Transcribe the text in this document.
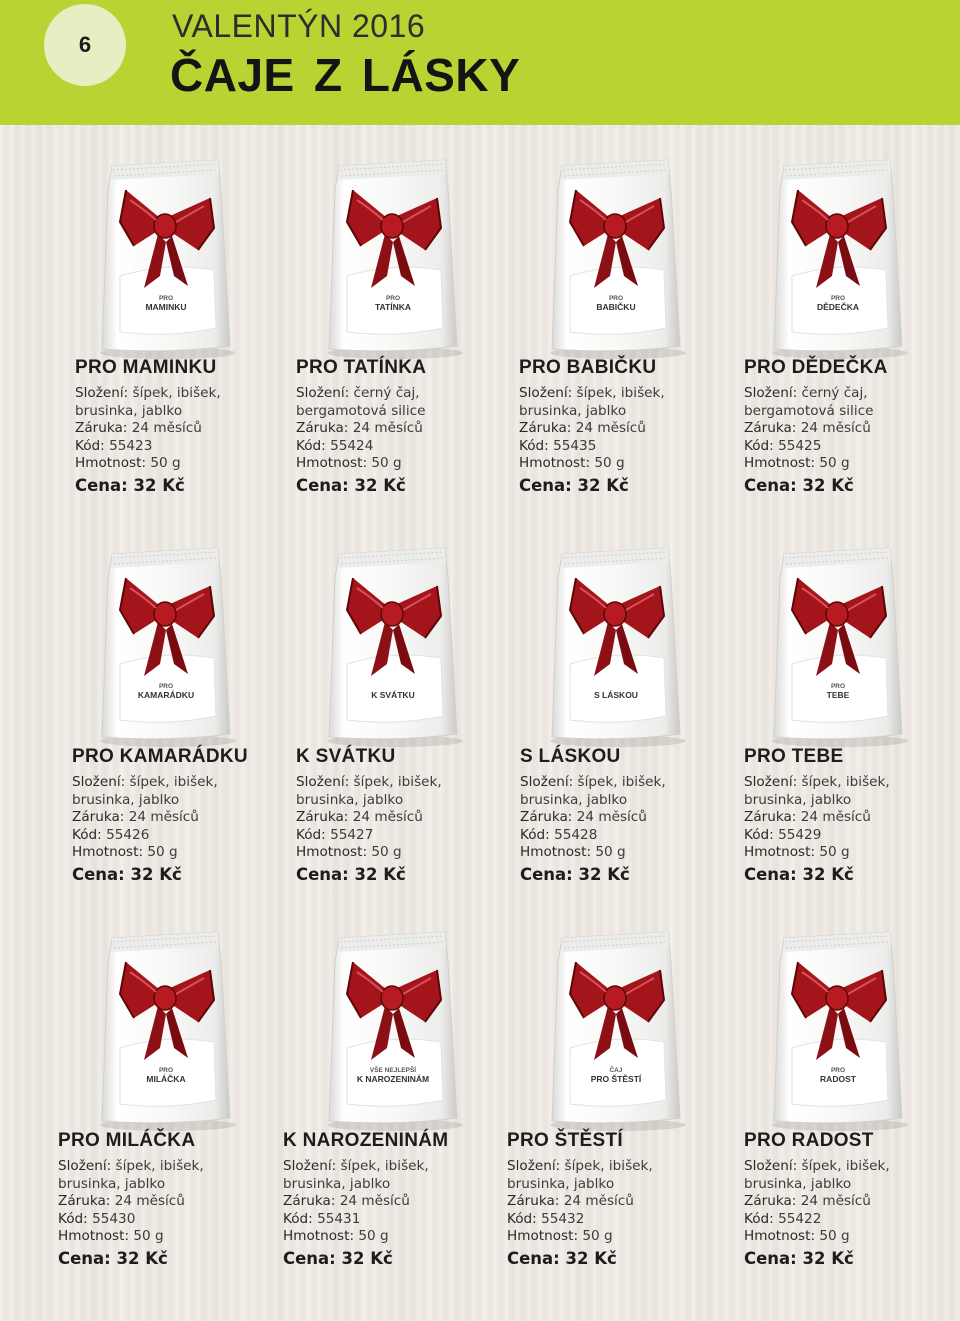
6
VALENTÝN 2016
ČAJE Z LÁSKY
PRO
MAMINKU
PRO MAMINKU
Složení: šípek, ibišek,
brusinka, jablko
Záruka: 24 měsíců
Kód: 55423
Hmotnost: 50 g
Cena: 32 Kč
PRO
TATÍNKA
PRO TATÍNKA
Složení: černý čaj,
bergamotová silice
Záruka: 24 měsíců
Kód: 55424
Hmotnost: 50 g
Cena: 32 Kč
PRO
BABIČKU
PRO BABIČKU
Složení: šípek, ibišek,
brusinka, jablko
Záruka: 24 měsíců
Kód: 55435
Hmotnost: 50 g
Cena: 32 Kč
PRO
DĚDEČKA
PRO DĚDEČKA
Složení: černý čaj,
bergamotová silice
Záruka: 24 měsíců
Kód: 55425
Hmotnost: 50 g
Cena: 32 Kč
PRO
KAMARÁDKU
PRO KAMARÁDKU
Složení: šípek, ibišek,
brusinka, jablko
Záruka: 24 měsíců
Kód: 55426
Hmotnost: 50 g
Cena: 32 Kč
K SVÁTKU
K SVÁTKU
Složení: šípek, ibišek,
brusinka, jablko
Záruka: 24 měsíců
Kód: 55427
Hmotnost: 50 g
Cena: 32 Kč
S LÁSKOU
S LÁSKOU
Složení: šípek, ibišek,
brusinka, jablko
Záruka: 24 měsíců
Kód: 55428
Hmotnost: 50 g
Cena: 32 Kč
PRO
TEBE
PRO TEBE
Složení: šípek, ibišek,
brusinka, jablko
Záruka: 24 měsíců
Kód: 55429
Hmotnost: 50 g
Cena: 32 Kč
PRO
MILÁČKA
PRO MILÁČKA
Složení: šípek, ibišek,
brusinka, jablko
Záruka: 24 měsíců
Kód: 55430
Hmotnost: 50 g
Cena: 32 Kč
VŠE NEJLEPŠÍ
K NAROZENINÁM
K NAROZENINÁM
Složení: šípek, ibišek,
brusinka, jablko
Záruka: 24 měsíců
Kód: 55431
Hmotnost: 50 g
Cena: 32 Kč
ČAJ
PRO ŠTĚSTÍ
PRO ŠTĚSTÍ
Složení: šípek, ibišek,
brusinka, jablko
Záruka: 24 měsíců
Kód: 55432
Hmotnost: 50 g
Cena: 32 Kč
PRO
RADOST
PRO RADOST
Složení: šípek, ibišek,
brusinka, jablko
Záruka: 24 měsíců
Kód: 55422
Hmotnost: 50 g
Cena: 32 Kč
